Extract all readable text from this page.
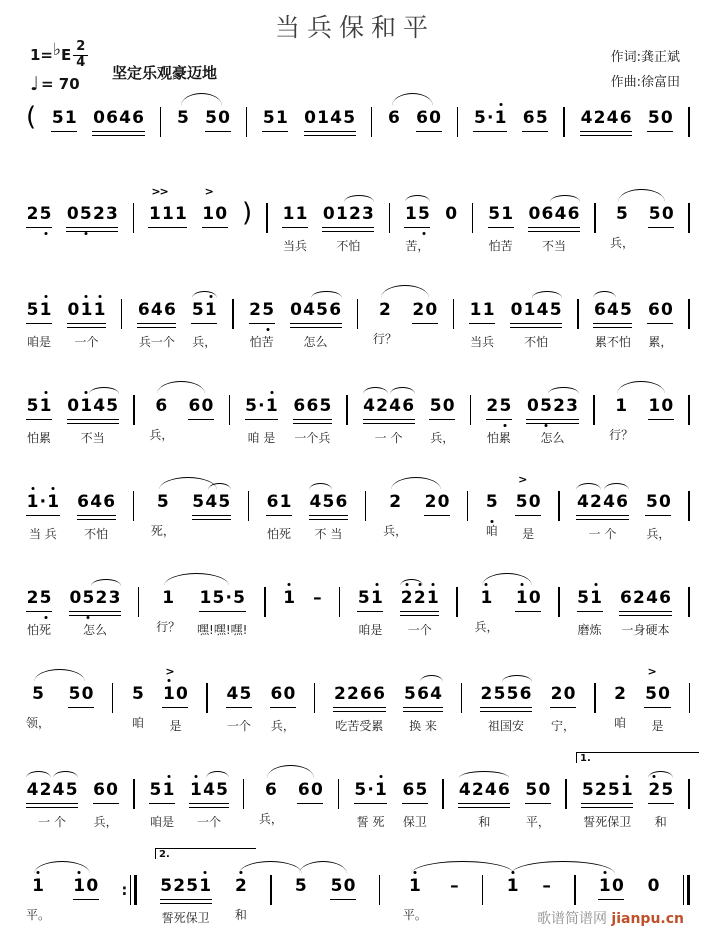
当兵保和平
1= ♭ E $\frac{2}{4}$
♩ = 70
坚定乐观豪迈地
作词:龚正斌
作曲:徐富田
( 5 1 0 6 4 6 5 5 0 5 1 0 1 4 5 6 6 0 5 · 1 6 5 4 2 4 6 5 0
2 5 0 5 2 3 1 1 1
>>
1 0
>
) 1 1
当兵
0 1 2 3
不怕
1 5
苦，
0 5 1
怕苦
0 6 4 6
不当
5
兵，
5 0
5 1
咱是
0 1 1
一个
6 4 6
兵一个
5 1
兵，
2 5
怕苦
0 4 5 6
怎么
2
行？
2 0 1 1
当兵
0 1 4 5
不怕
6 4 5
累不怕
6 0
累，
5 1
怕累
0 1 4 5
不当
6
兵，
6 0 5 · 1
咱 是
6 6 5
一个兵
4 2 4 6
一 个
5 0
兵，
2 5
怕累
0 5 2 3
怎么
1
行？
1 0
1 · 1
当 兵
6 4 6
不怕
5
死，
5 4 5 6 1
怕死
4 5 6
不 当
2
兵，
2 0 5
咱
5 0
>
是
4 2 4 6
一 个
5 0
兵，
2 5
怕死
0 5 2 3
怎么
1
行？
1 5 · 5
嘿!嘿!嘿!
1 – 5 1
咱是
2 2 1
一个
1
兵，
1 0 5 1
磨炼
6 2 4 6
一身硬本
5
领，
5 0 5
咱
1 0
>
是
4 5
一个
6 0
兵，
2 2 6 6
吃苦受累
5 6 4
换 来
2 5 5 6
祖国安
2 0
宁，
2
咱
5 0
>
是
4 2 4 5
一 个
6 0
兵，
5 1
咱是
1 4 5
一个
6
兵，
6 0 5 · 1
誓 死
6 5
保卫
4 2 4 6
和
5 0
平，
5 2 5 1
誓死保卫
2 5
和
1.
1
平。
1 0 : 5 2 5 1
誓死保卫
2
和
5 5 0	1
平。
–	1 –	1 0 0
2.
歌谱简谱网 jianpu.cn
